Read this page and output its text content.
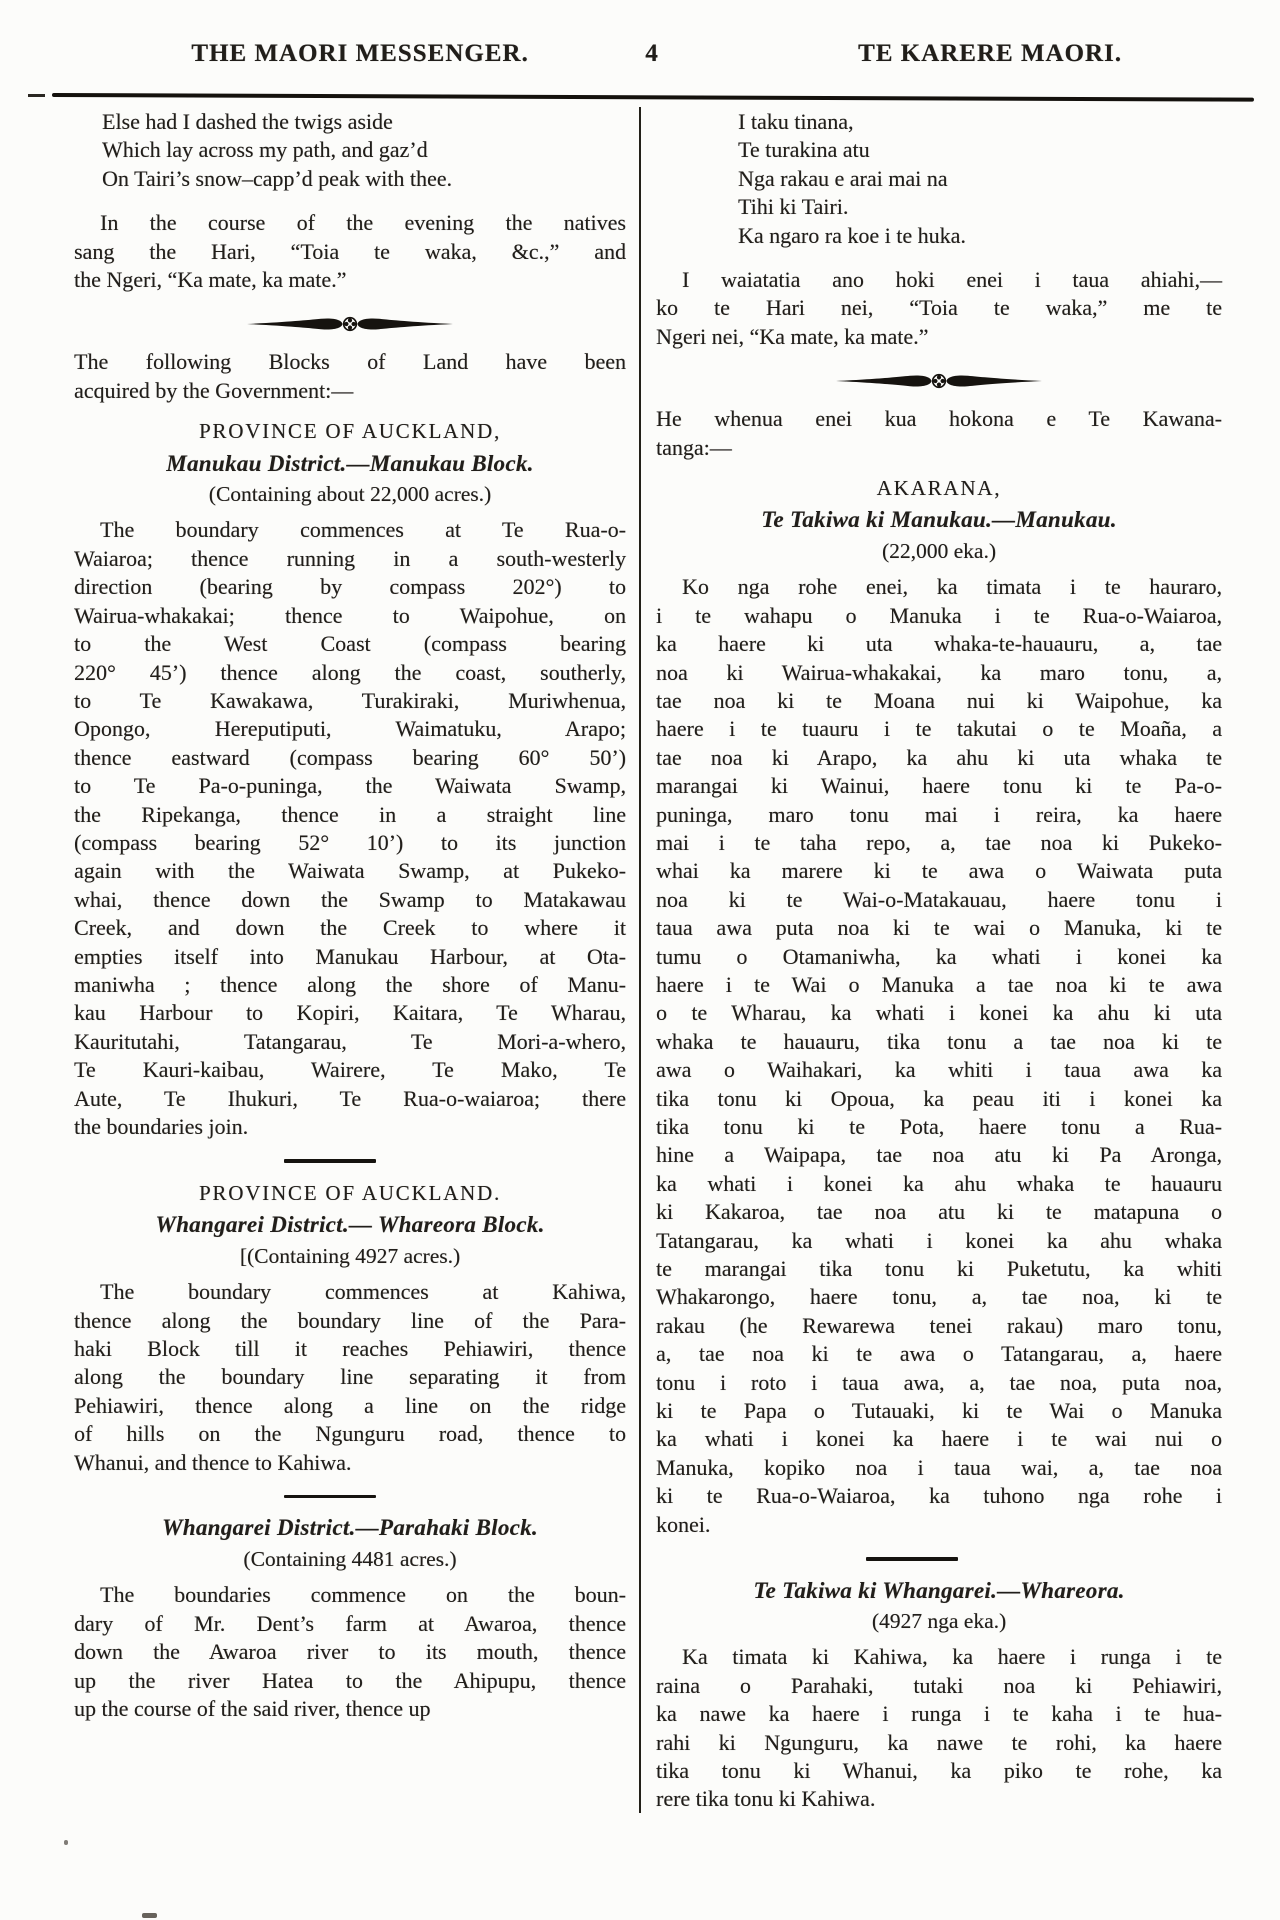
THE MAORI MESSENGER.	4	TE KARERE MAORI.
Else had I dashed the twigs aside
Which lay across my path, and gaz’d
On Tairi’s snow–capp’d peak with thee.
In the course of the evening the natives
sang the Hari, “Toia te waka, &c.,” and
the Ngeri, “Ka mate, ka mate.”
The following Blocks of Land have been
acquired by the Government:—
PROVINCE OF AUCKLAND,
Manukau District.—Manukau Block.
(Containing about 22,000 acres.)
The boundary commences at Te Rua-o-
Waiaroa; thence running in a south-westerly
direction (bearing by compass 202°) to
Wairua-whakakai; thence to Waipohue, on
to the West Coast (compass bearing
220° 45’) thence along the coast, southerly,
to Te Kawakawa, Turakiraki, Muriwhenua,
Opongo, Hereputiputi, Waimatuku, Arapo;
thence eastward (compass bearing 60° 50’)
to Te Pa-o-puninga, the Waiwata Swamp,
the Ripekanga, thence in a straight line
(compass bearing 52° 10’) to its junction
again with the Waiwata Swamp, at Pukeko-
whai, thence down the Swamp to Matakawau
Creek, and down the Creek to where it
empties itself into Manukau Harbour, at Ota-
maniwha ; thence along the shore of Manu-
kau Harbour to Kopiri, Kaitara, Te Wharau,
Kauritutahi, Tatangarau, Te Mori-a-whero,
Te Kauri-kaibau, Wairere, Te Mako, Te
Aute, Te Ihukuri, Te Rua-o-waiaroa; there
the boundaries join.
PROVINCE OF AUCKLAND.
Whangarei District.— Whareora Block.
[(Containing 4927 acres.)
The boundary commences at Kahiwa,
thence along the boundary line of the Para-
haki Block till it reaches Pehiawiri, thence
along the boundary line separating it from
Pehiawiri, thence along a line on the ridge
of hills on the Ngunguru road, thence to
Whanui, and thence to Kahiwa.
Whangarei District.—Parahaki Block.
(Containing 4481 acres.)
The boundaries commence on the boun-
dary of Mr. Dent’s farm at Awaroa, thence
down the Awaroa river to its mouth, thence
up the river Hatea to the Ahipupu, thence
up the course of the said river, thence up
I taku tinana,
Te turakina atu
Nga rakau e arai mai na
Tihi ki Tairi.
Ka ngaro ra koe i te huka.
I waiatatia ano hoki enei i taua ahiahi,—
ko te Hari nei, “Toia te waka,” me te
Ngeri nei, “Ka mate, ka mate.”
He whenua enei kua hokona e Te Kawana-
tanga:—
AKARANA,
Te Takiwa ki Manukau.—Manukau.
(22,000 eka.)
Ko nga rohe enei, ka timata i te hauraro,
i te wahapu o Manuka i te Rua-o-Waiaroa,
ka haere ki uta whaka-te-hauauru, a, tae
noa ki Wairua-whakakai, ka maro tonu, a,
tae noa ki te Moana nui ki Waipohue, ka
haere i te tuauru i te takutai o te Moaña, a
tae noa ki Arapo, ka ahu ki uta whaka te
marangai ki Wainui, haere tonu ki te Pa-o-
puninga, maro tonu mai i reira, ka haere
mai i te taha repo, a, tae noa ki Pukeko-
whai ka marere ki te awa o Waiwata puta
noa ki te Wai-o-Matakauau, haere tonu i
taua awa puta noa ki te wai o Manuka, ki te
tumu o Otamaniwha, ka whati i konei ka
haere i te Wai o Manuka a tae noa ki te awa
o te Wharau, ka whati i konei ka ahu ki uta
whaka te hauauru, tika tonu a tae noa ki te
awa o Waihakari, ka whiti i taua awa ka
tika tonu ki Opoua, ka peau iti i konei ka
tika tonu ki te Pota, haere tonu a Rua-
hine a Waipapa, tae noa atu ki Pa Aronga,
ka whati i konei ka ahu whaka te hauauru
ki Kakaroa, tae noa atu ki te matapuna o
Tatangarau, ka whati i konei ka ahu whaka
te marangai tika tonu ki Puketutu, ka whiti
Whakarongo, haere tonu, a, tae noa, ki te
rakau (he Rewarewa tenei rakau) maro tonu,
a, tae noa ki te awa o Tatangarau, a, haere
tonu i roto i taua awa, a, tae noa, puta noa,
ki te Papa o Tutauaki, ki te Wai o Manuka
ka whati i konei ka haere i te wai nui o
Manuka, kopiko noa i taua wai, a, tae noa
ki te Rua-o-Waiaroa, ka tuhono nga rohe i
konei.
Te Takiwa ki Whangarei.—Whareora.
(4927 nga eka.)
Ka timata ki Kahiwa, ka haere i runga i te
raina o Parahaki, tutaki noa ki Pehiawiri,
ka nawe ka haere i runga i te kaha i te hua-
rahi ki Ngunguru, ka nawe te rohi, ka haere
tika tonu ki Whanui, ka piko te rohe, ka
rere tika tonu ki Kahiwa.
